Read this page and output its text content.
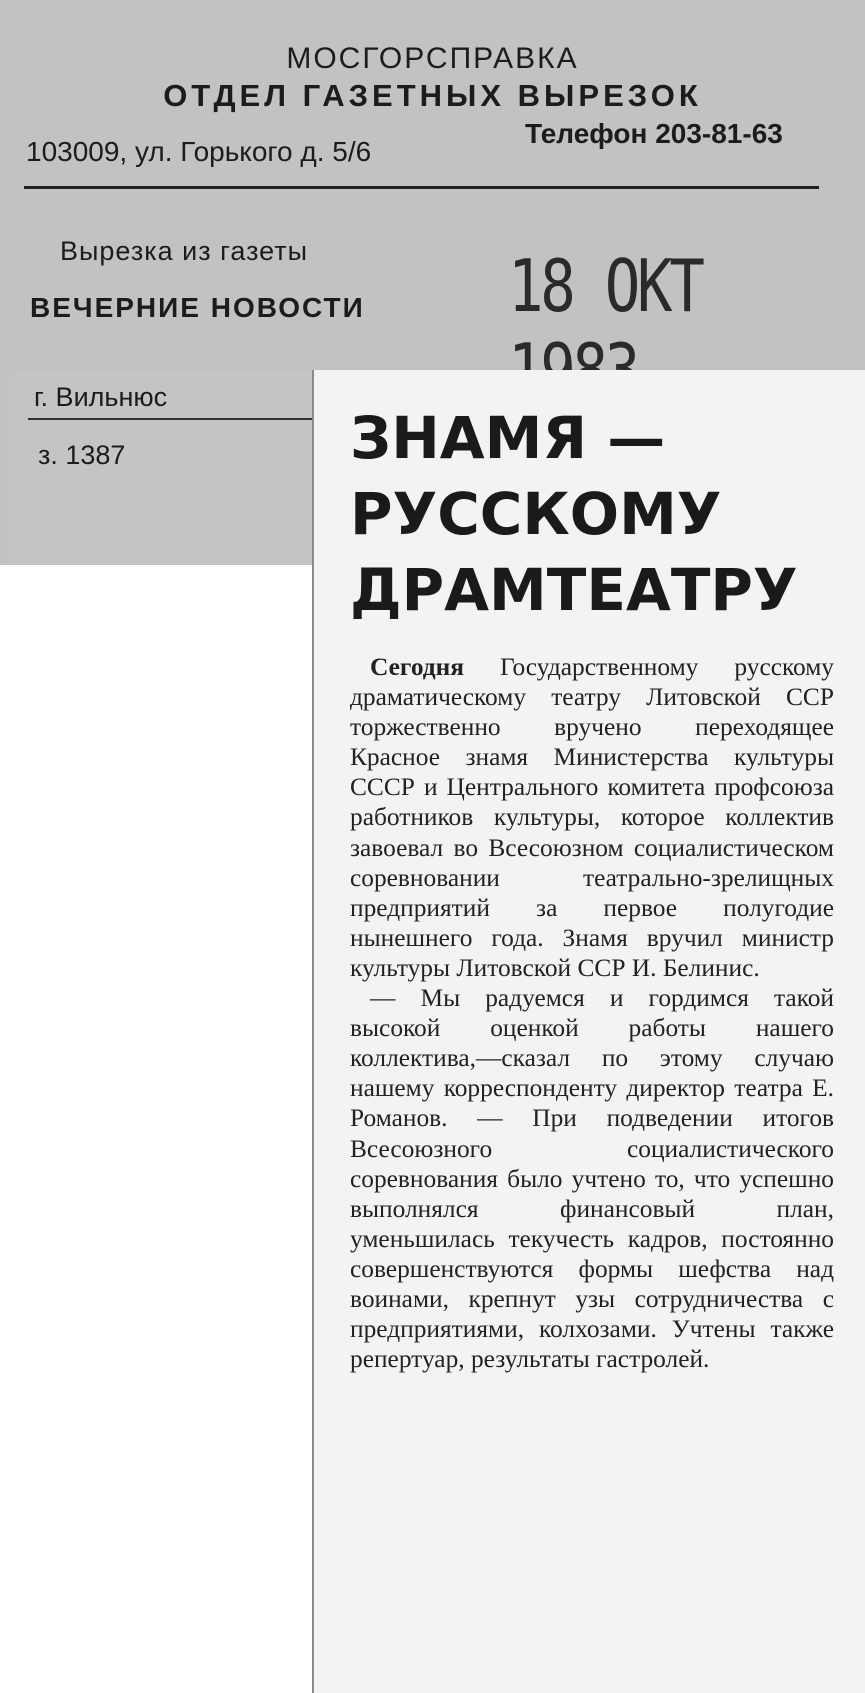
МОСГОРСПРАВКА
ОТДЕЛ ГАЗЕТНЫХ ВЫРЕЗОК
103009, ул. Горького д. 5/6
Телефон 203-81-63
Вырезка из газеты
ВЕЧЕРНИЕ НОВОСТИ 18 ОКТ
г. Вильнюс
з. 1387	ЗНАМЯ —
РУССКОМУ
ДРАМТЕАТРУ

Сегодня Государственному русскому драматическому театру Литовской ССР торжественно вручено переходящее Красное знамя Министерства культуры СССР и Центрального комитета профсоюза работников культуры, которое коллектив завоевал во Всесоюзном социалистическом соревновании театрально-зрелищных предприятий за первое полугодие нынешнего года. Знамя вручил министр культуры Литовской ССР И. Белинис.

— Мы радуемся и гордимся такой высокой оценкой работы нашего коллектива,—сказал по этому случаю нашему корреспонденту директор театра Е. Романов. — При подведении итогов Всесоюзного социалистического соревнования было учтено то, что успешно выполнялся финансовый план, уменьшилась текучесть кадров, постоянно совершенствуются формы шефства над воинами, крепнут узы сотрудничества с предприятиями, колхозами. Учтены также репертуар, результаты гастролей.
